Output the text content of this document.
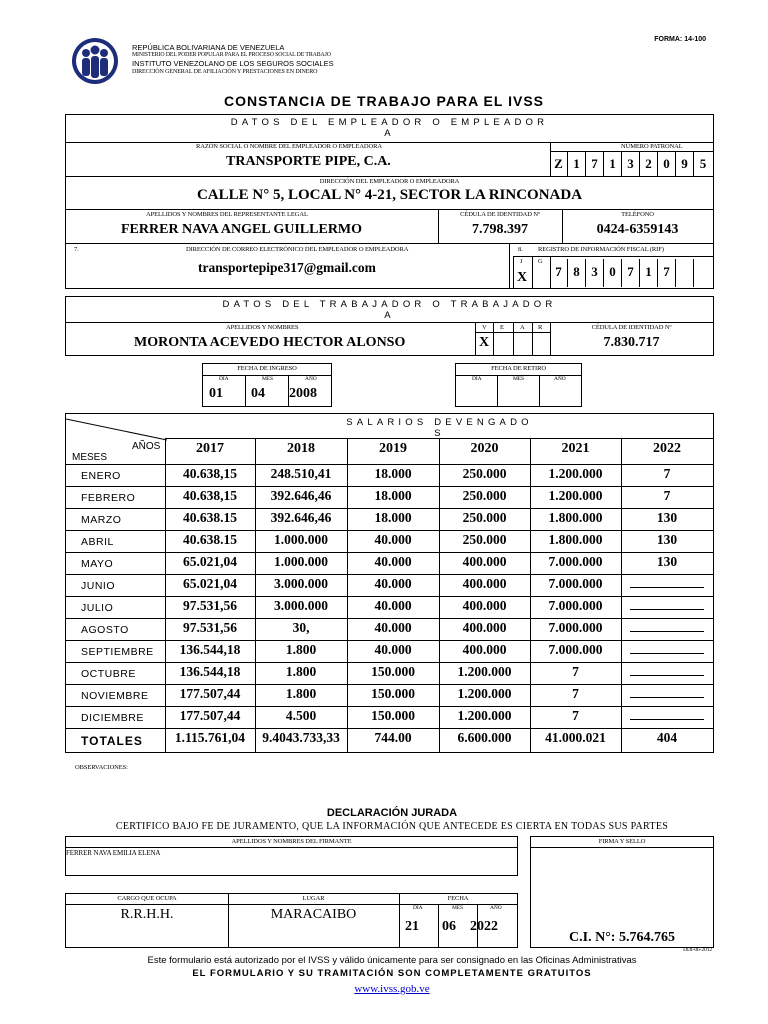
REPÚBLICA BOLIVARIANA DE VENEZUELA
MINISTERIO DEL PODER POPULAR PARA EL PROCESO SOCIAL DE TRABAJO
INSTITUTO VENEZOLANO DE LOS SEGUROS SOCIALES
DIRECCIÓN GENERAL DE AFILIACIÓN Y PRESTACIONES EN DINERO
FORMA: 14-100
CONSTANCIA DE TRABAJO PARA EL IVSS
DATOS DEL EMPLEADOR O EMPLEADOR
A
RAZÓN SOCIAL O NOMBRE DEL EMPLEADOR O EMPLEADORA	NÚMERO PATRONAL
TRANSPORTE PIPE, C.A.	Z 1 7 1 3 2 0 9 5
DIRECCIÓN DEL EMPLEADOR O EMPLEADORA
CALLE N° 5, LOCAL N° 4-21, SECTOR LA RINCONADA
APELLIDOS Y NOMBRES DEL REPRESENTANTE LEGAL	CÉDULA DE IDENTIDAD Nº	TELÉFONO
FERRER NAVA ANGEL GUILLERMO	7.798.397	0424-6359143
7.	DIRECCIÓN DE CORREO ELECTRÓNICO DEL EMPLEADOR O EMPLEADORA	8. REGISTRO DE INFORMACIÓN FISCAL (RIF)
transportepipe317@gmail.com	J G
X	7 8 3 0 7 1 7
DATOS DEL TRABAJADOR O TRABAJADOR
A
APELLIDOS Y NOMBRES	V E A R	CÉDULA DE IDENTIDAD Nº
MORONTA ACEVEDO HECTOR ALONSO	X	7.830.717
FECHA DE INGRESO
DÍA	MES	AÑO
01 04 2008
FECHA DE RETIRO
DÍA	MES	AÑO
SALARIOS DEVENGADO
S
AÑOS
MESES
2017	2018	2019	2020	2021	2022
ENERO	40.638,15	248.510,41	18.000	250.000	1.200.000	7
FEBRERO	40.638,15	392.646,46	18.000	250.000	1.200.000	7
MARZO	40.638.15	392.646,46	18.000	250.000	1.800.000	130
ABRIL	40.638.15	1.000.000	40.000	250.000	1.800.000	130
MAYO	65.021,04	1.000.000	40.000	400.000	7.000.000	130
JUNIO	65.021,04	3.000.000	40.000	400.000	7.000.000
JULIO	97.531,56	3.000.000	40.000	400.000	7.000.000
AGOSTO	97.531,56	30,	40.000	400.000	7.000.000
SEPTIEMBRE	136.544,18	1.800	40.000	400.000	7.000.000
OCTUBRE	136.544,18	1.800	150.000	1.200.000	7
NOVIEMBRE	177.507,44	1.800	150.000	1.200.000	7
DICIEMBRE	177.507,44	4.500	150.000	1.200.000	7
TOTALES	1.115.761,04	9.4043.733,33	744.00	6.600.000	41.000.021	404
OBSERVACIONES:
DECLARACIÓN JURADA
CERTIFICO BAJO FE DE JURAMENTO, QUE LA INFORMACIÓN QUE ANTECEDE ES CIERTA EN TODAS SUS PARTES
APELLIDOS Y NOMBRES DEL FIRMANTE
FERRER NAVA EMILIA ELENA
FIRMA Y SELLO
C.I. N°: 5.764.765
CARGO QUE OCUPA	LUGAR	FECHA
DÍA	MES	AÑO
R.R.H.H.	MARACAIBO
21 06 2022
DDI-06-2012
Este formulario está autorizado por el IVSS y válido únicamente para ser consignado en las Oficinas Administrativas
EL FORMULARIO Y SU TRAMITACIÓN SON COMPLETAMENTE GRATUITOS
www.ivss.gob.ve
